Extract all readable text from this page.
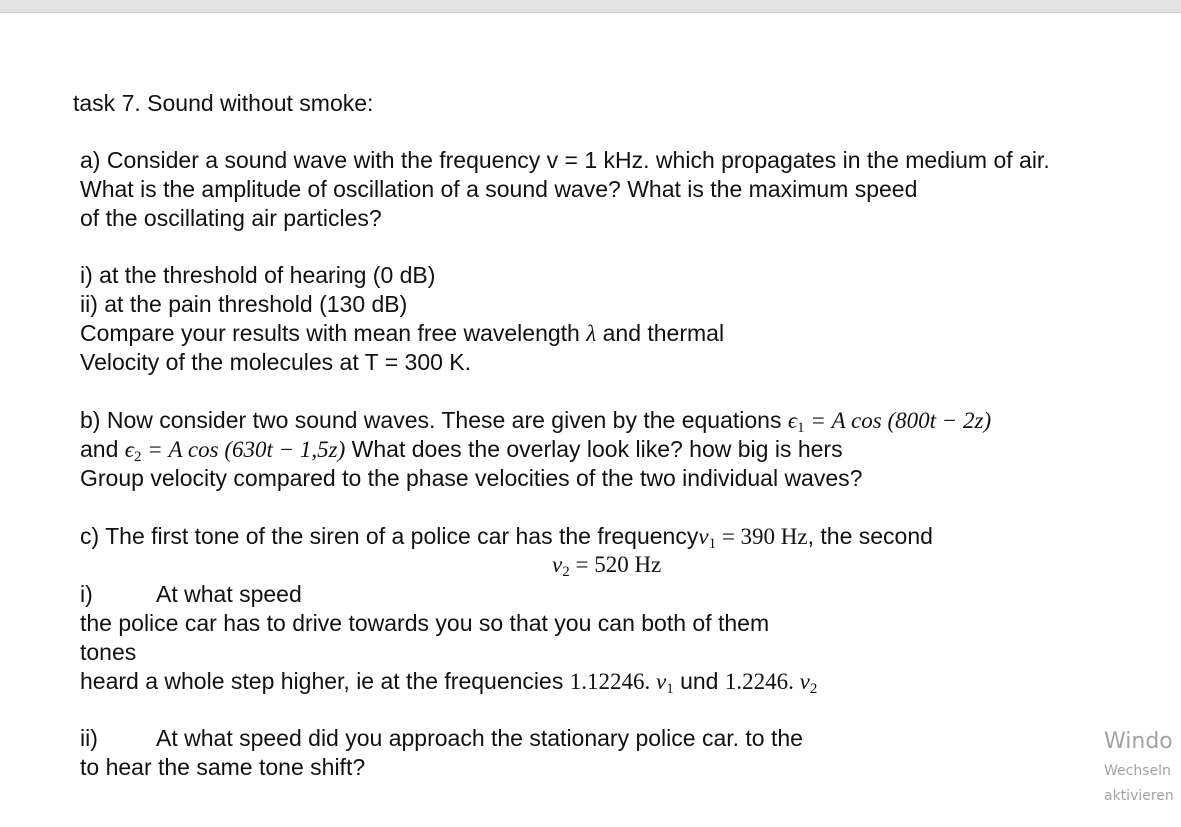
task 7. Sound without smoke:
a) Consider a sound wave with the frequency v = 1 kHz. which propagates in the medium of air.
What is the amplitude of oscillation of a sound wave? What is the maximum speed
of the oscillating air particles?
i) at the threshold of hearing (0 dB)
ii) at the pain threshold (130 dB)
Compare your results with mean free wavelength λ and thermal
Velocity of the molecules at T = 300 K.
b) Now consider two sound waves. These are given by the equations $\epsilon_1 = A$ cos (800t − 2z)
and $\epsilon_2 = A$ cos (630t − 1,5z) What does the overlay look like? how big is hers
Group velocity compared to the phase velocities of the two individual waves?
c) The first tone of the siren of a police car has the frequencyv$_1$ = 390 Hz, the second
$v_2 = 520$ Hz
i)	At what speed
the police car has to drive towards you so that you can both of them
tones
heard a whole step higher, ie at the frequencies 1.12246. $v_1$ und 1.2246. $v_2$
ii)	At what speed did you approach the stationary police car. to the
to hear the same tone shift?
Windo
Wechseln
aktivieren
